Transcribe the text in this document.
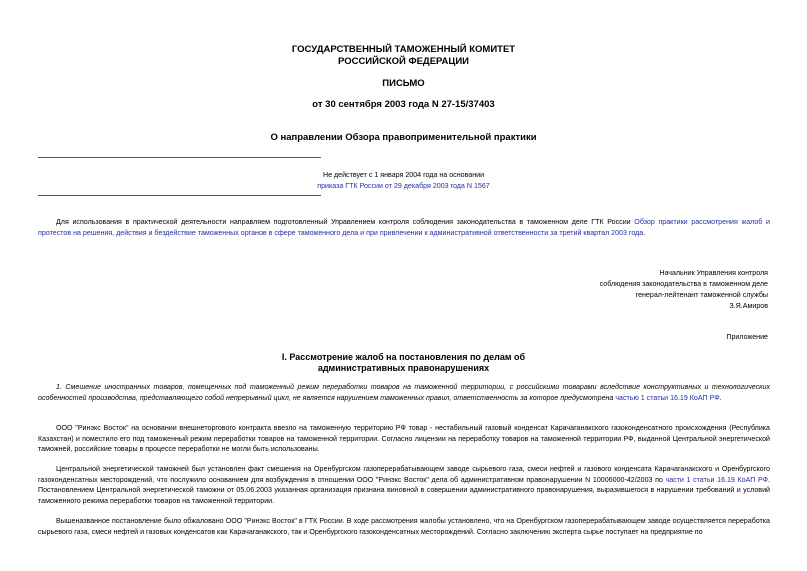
ГОСУДАРСТВЕННЫЙ ТАМОЖЕННЫЙ КОМИТЕТ
РОССИЙСКОЙ ФЕДЕРАЦИИ
ПИСЬМО
от 30 сентября 2003 года N 27-15/37403
О направлении Обзора правоприменительной практики
Не действует с 1 января 2004 года на основании
приказа ГТК России от 29 декабря 2003 года N 1567
Для использования в практической деятельности направляем подготовленный Управлением контроля соблюдения законодательства в таможенном деле ГТК России Обзор практики рассмотрения жалоб и протестов на решения, действия и бездействие таможенных органов в сфере таможенного дела и при привлечении к административной ответственности за третий квартал 2003 года.
Начальник Управления контроля
соблюдения законодательства в таможенном деле
генерал-лейтенант таможенной службы
З.Я.Амиров
Приложение
I. Рассмотрение жалоб на постановления по делам об
административных правонарушениях
1. Смешение иностранных товаров, помещенных под таможенный режим переработки товаров на таможенной территории, с российскими товарами вследствие конструктивных и технологических особенностей производства, представляющего собой непрерывный цикл, не является нарушением таможенных правил, ответственность за которое предусмотрена частью 1 статьи 16.19 КоАП РФ.
ООО "Ринэкс Восток" на основании внешнеторгового контракта ввезло на таможенную территорию РФ товар - нестабильный газовый конденсат Карачаганакского газоконденсатного происхождения (Республика Казахстан) и поместило его под таможенный режим переработки товаров на таможенной территории. Согласно лицензии на переработку товаров на таможенной территории РФ, выданной Центральной энергетической таможней, российские товары в процессе переработки не могли быть использованы.
Центральной энергетической таможней был установлен факт смешения на Оренбургском газоперерабатывающем заводе сырьевого газа, смеси нефтей и газового конденсата Карачаганакского и Оренбургского газоконденсатных месторождений, что послужило основанием для возбуждения в отношении ООО "Ринэкс Восток" дела об административном правонарушении N 10006000-42/2003 по части 1 статьи 16.19 КоАП РФ. Постановлением Центральной энергетической таможни от 05.06.2003 указанная организация признана виновной в совершении административного правонарушения, выразившегося в нарушении требований и условий таможенного режима переработки товаров на таможенной территории.
Вышеназванное постановление было обжаловано ООО "Ринэкс Восток" в ГТК России. В ходе рассмотрения жалобы установлено, что на Оренбургском газоперерабатывающем заводе осуществляется переработка сырьевого газа, смеси нефтей и газовых конденсатов как Карачаганакского, так и Оренбургского газоконденсатных месторождений. Согласно заключению эксперта сырье поступает на предприятие по
